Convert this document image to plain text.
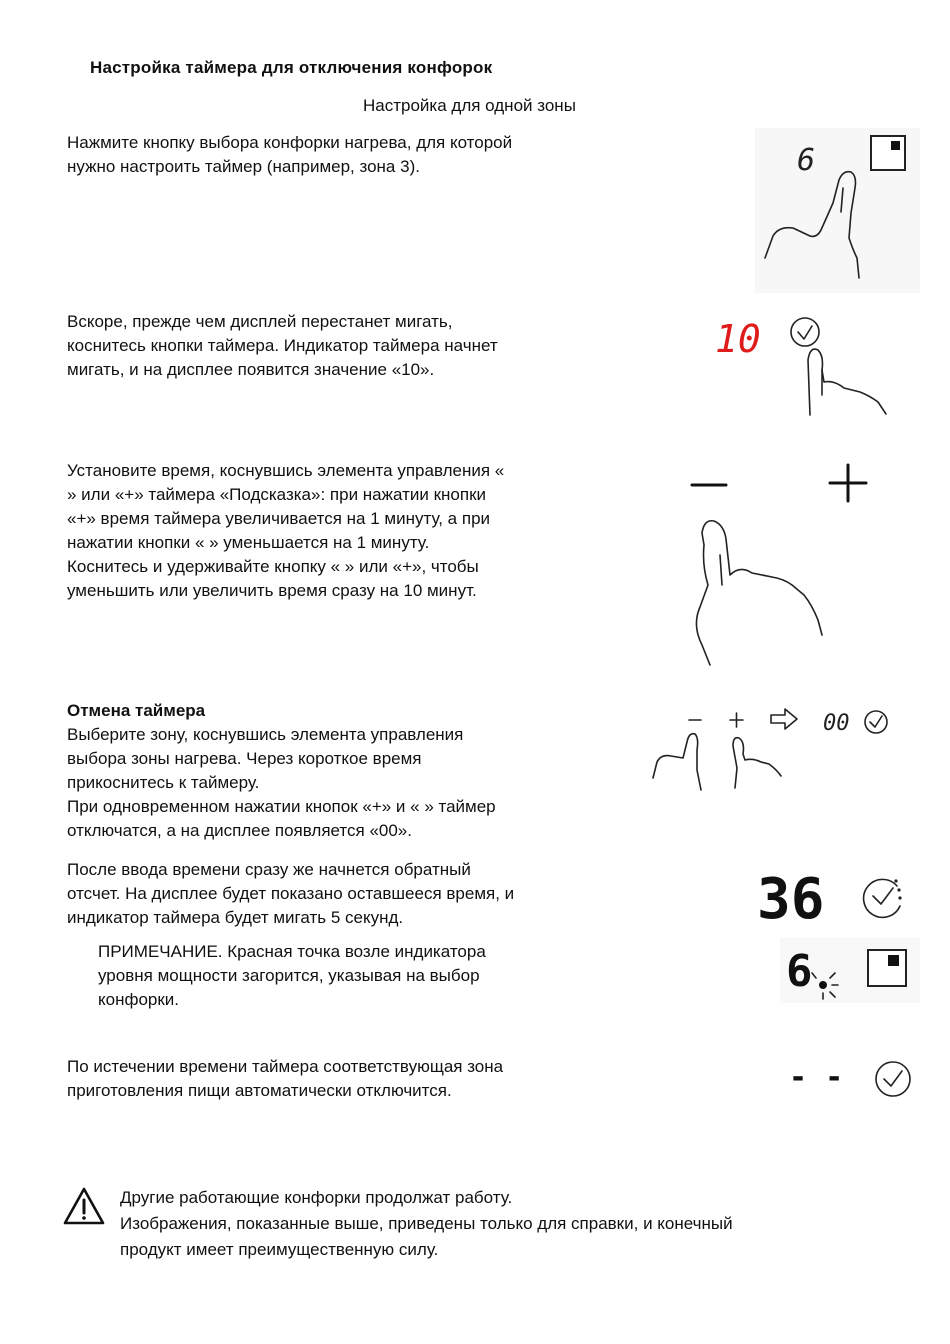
Настройка таймера для отключения конфорок
Настройка для одной зоны
Нажмите кнопку выбора конфорки нагрева, для которой
нужно настроить таймер (например, зона 3).	6
Вскоре, прежде чем дисплей перестанет мигать,
коснитесь кнопки таймера. Индикатор таймера начнет
мигать, и на дисплее появится значение «10».
10
Установите время, коснувшись элемента управления «
» или «+» таймера «Подсказка»: при нажатии кнопки
«+» время таймера увеличивается на 1 минуту, а при
нажатии кнопки « » уменьшается на 1 минуту.
Коснитесь и удерживайте кнопку « » или «+», чтобы
уменьшить или увеличить время сразу на 10 минут.
Отмена таймера
Выберите зону, коснувшись элемента управления
выбора зоны нагрева. Через короткое время
прикоснитесь к таймеру.
При одновременном нажатии кнопок «+» и « » таймер
отключатся, а на дисплее появляется «00».
00
После ввода времени сразу же начнется обратный
отсчет. На дисплее будет показано оставшееся время, и
индикатор таймера будет мигать 5 секунд.	36
ПРИМЕЧАНИЕ. Красная точка возле индикатора
уровня мощности загорится, указывая на выбор
конфорки.
6
По истечении времени таймера соответствующая зона
приготовления пищи автоматически отключится.	- -
Другие работающие конфорки продолжат работу.
Изображения, показанные выше, приведены только для справки, и конечный
продукт имеет преимущественную силу.
